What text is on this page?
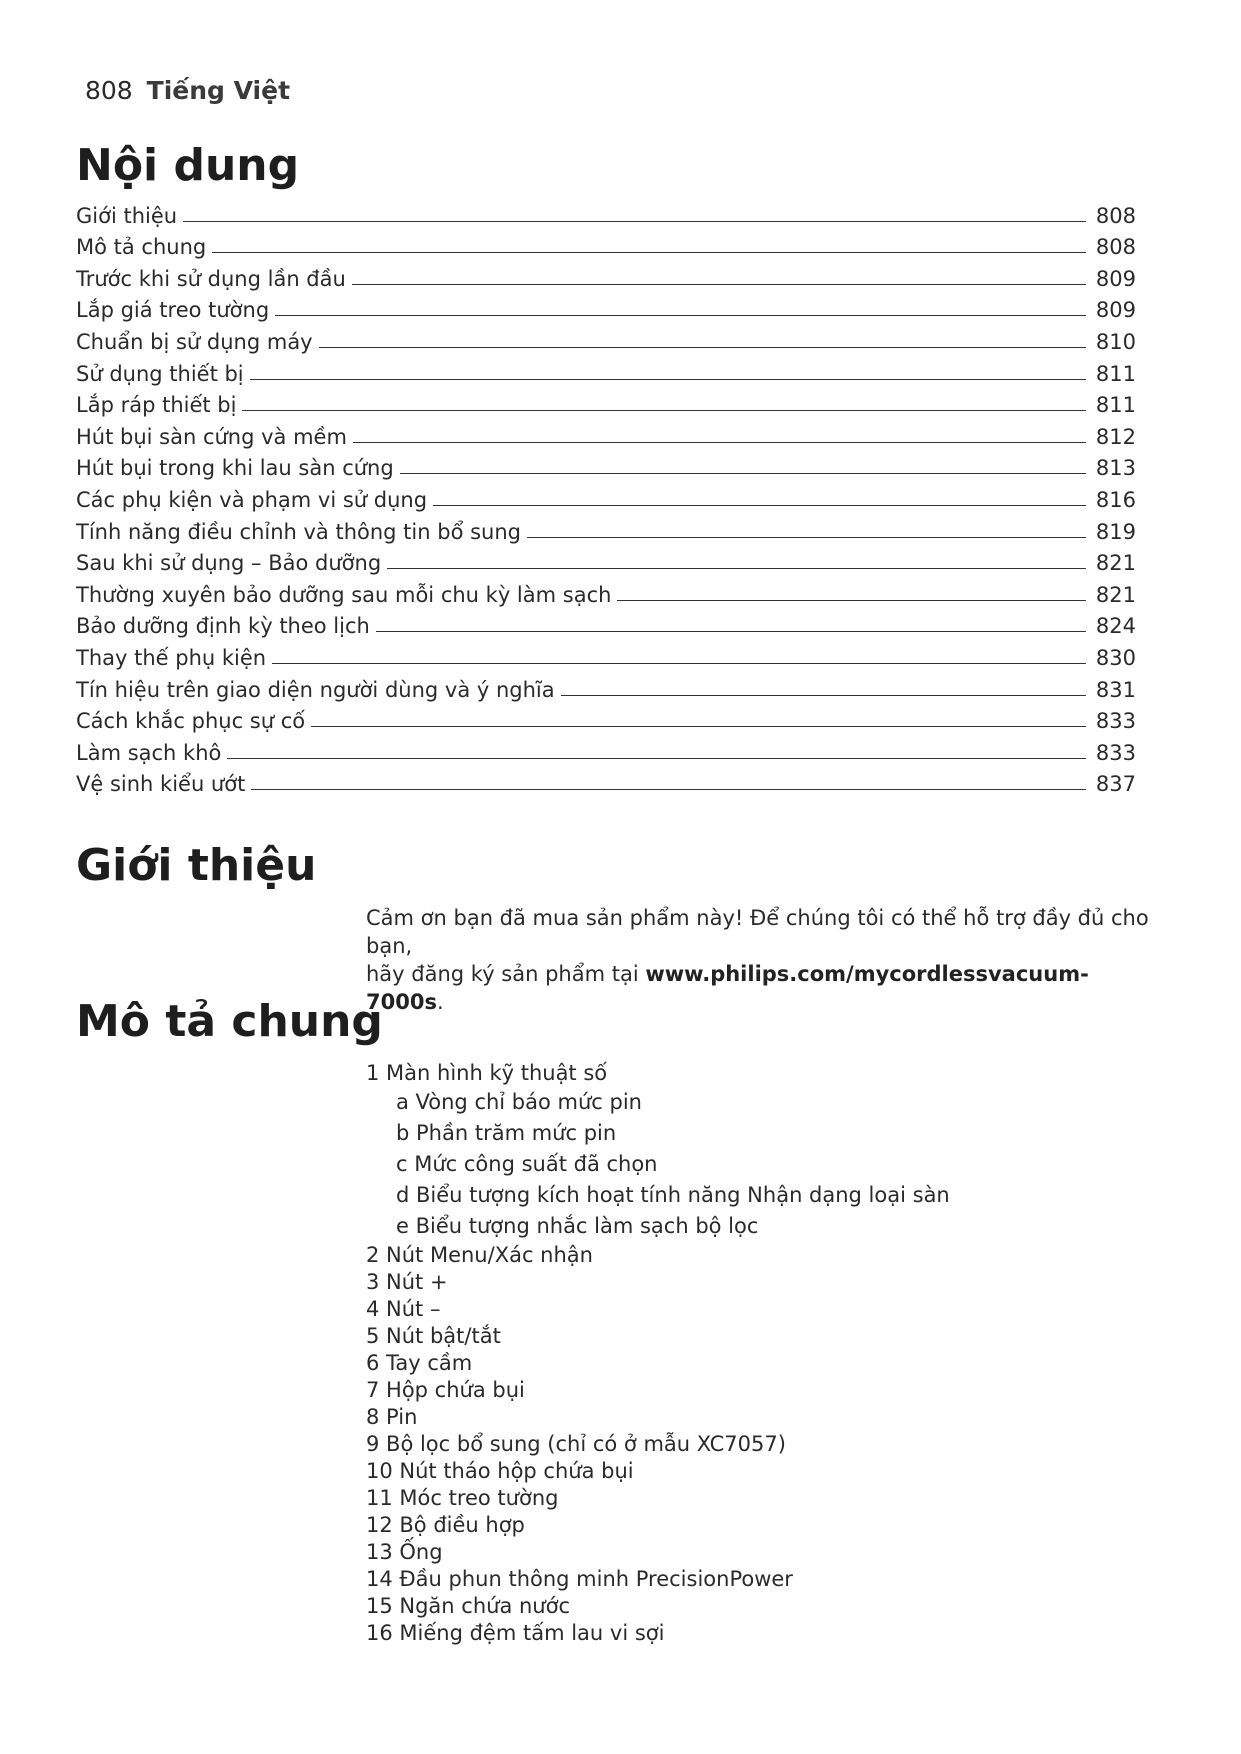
808 Tiếng Việt
Nội dung
Giới thiệu	808
Mô tả chung	808
Trước khi sử dụng lần đầu	809
Lắp giá treo tường	809
Chuẩn bị sử dụng máy	810
Sử dụng thiết bị	811
Lắp ráp thiết bị	811
Hút bụi sàn cứng và mềm	812
Hút bụi trong khi lau sàn cứng	813
Các phụ kiện và phạm vi sử dụng	816
Tính năng điều chỉnh và thông tin bổ sung	819
Sau khi sử dụng – Bảo dưỡng	821
Thường xuyên bảo dưỡng sau mỗi chu kỳ làm sạch	821
Bảo dưỡng định kỳ theo lịch	824
Thay thế phụ kiện	830
Tín hiệu trên giao diện người dùng và ý nghĩa	831
Cách khắc phục sự cố	833
Làm sạch khô	833
Vệ sinh kiểu ướt	837
Giới thiệu
Cảm ơn bạn đã mua sản phẩm này! Để chúng tôi có thể hỗ trợ đầy đủ cho bạn,
hãy đăng ký sản phẩm tại www.philips.com/mycordlessvacuum-7000s.
Mô tả chung
1 Màn hình kỹ thuật số
a Vòng chỉ báo mức pin
b Phần trăm mức pin
c Mức công suất đã chọn
d Biểu tượng kích hoạt tính năng Nhận dạng loại sàn
e Biểu tượng nhắc làm sạch bộ lọc
2 Nút Menu/Xác nhận
3 Nút +
4 Nút –
5 Nút bật/tắt
6 Tay cầm
7 Hộp chứa bụi
8 Pin
9 Bộ lọc bổ sung (chỉ có ở mẫu XC7057)
10 Nút tháo hộp chứa bụi
11 Móc treo tường
12 Bộ điều hợp
13 Ống
14 Đầu phun thông minh PrecisionPower
15 Ngăn chứa nước
16 Miếng đệm tấm lau vi sợi
